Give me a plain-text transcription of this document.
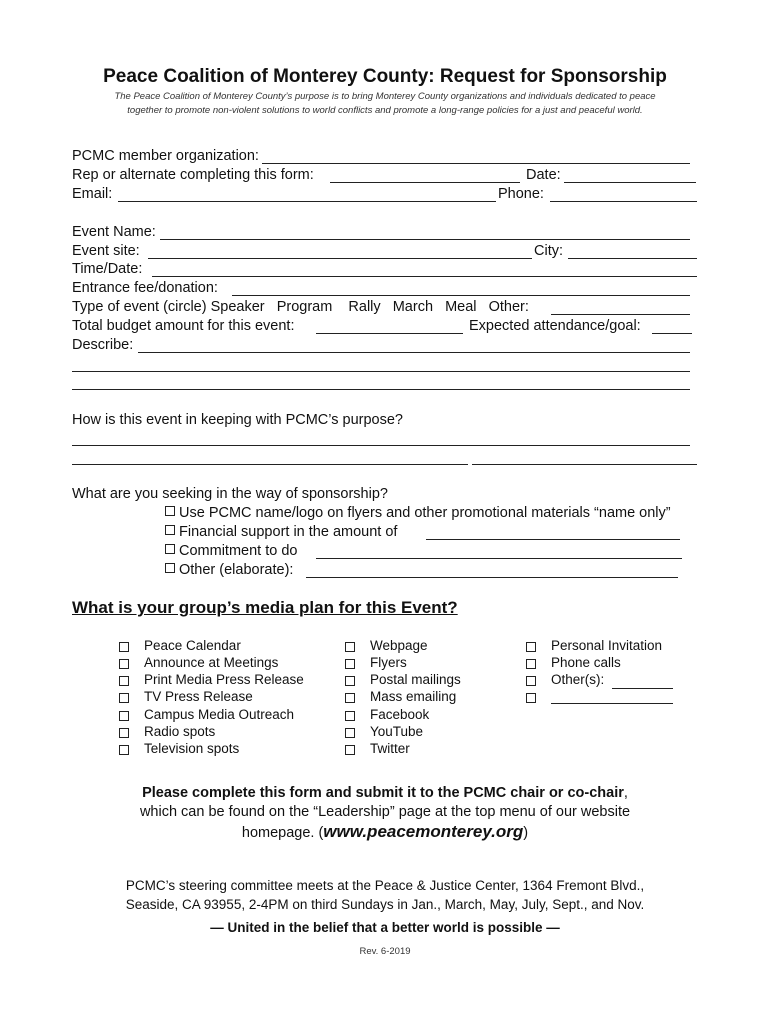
Peace Coalition of Monterey County: Request for Sponsorship
The Peace Coalition of Monterey County’s purpose is to bring Monterey County organizations and individuals dedicated to peace
together to promote non-violent solutions to world conflicts and promote a long-range policies for a just and peaceful world.
PCMC member organization:
Rep or alternate completing this form:	Date:
Email:	Phone:
Event Name:
Event site:	City:
Time/Date:
Entrance fee/donation:
Type of event (circle) Speaker   Program    Rally   March   Meal   Other:
Total budget amount for this event:	Expected attendance/goal:
Describe:
How is this event in keeping with PCMC’s purpose?
What are you seeking in the way of sponsorship?
Use PCMC name/logo on flyers and other promotional materials “name only”
Financial support in the amount of
Commitment to do
Other (elaborate):
What is your group’s media plan for this Event?
Peace Calendar
Announce at Meetings
Print Media Press Release
TV Press Release
Campus Media Outreach
Radio spots
Television spots
Webpage
Flyers
Postal mailings
Mass emailing
Facebook
YouTube
Twitter
Personal Invitation
Phone calls
Other(s):
Please complete this form and submit it to the PCMC chair or co-chair,
which can be found on the “Leadership” page at the top menu of our website
homepage. (www.peacemonterey.org)
PCMC’s steering committee meets at the Peace & Justice Center, 1364 Fremont Blvd.,
Seaside, CA 93955, 2-4PM on third Sundays in Jan., March, May, July, Sept., and Nov.
— United in the belief that a better world is possible —
Rev. 6-2019
